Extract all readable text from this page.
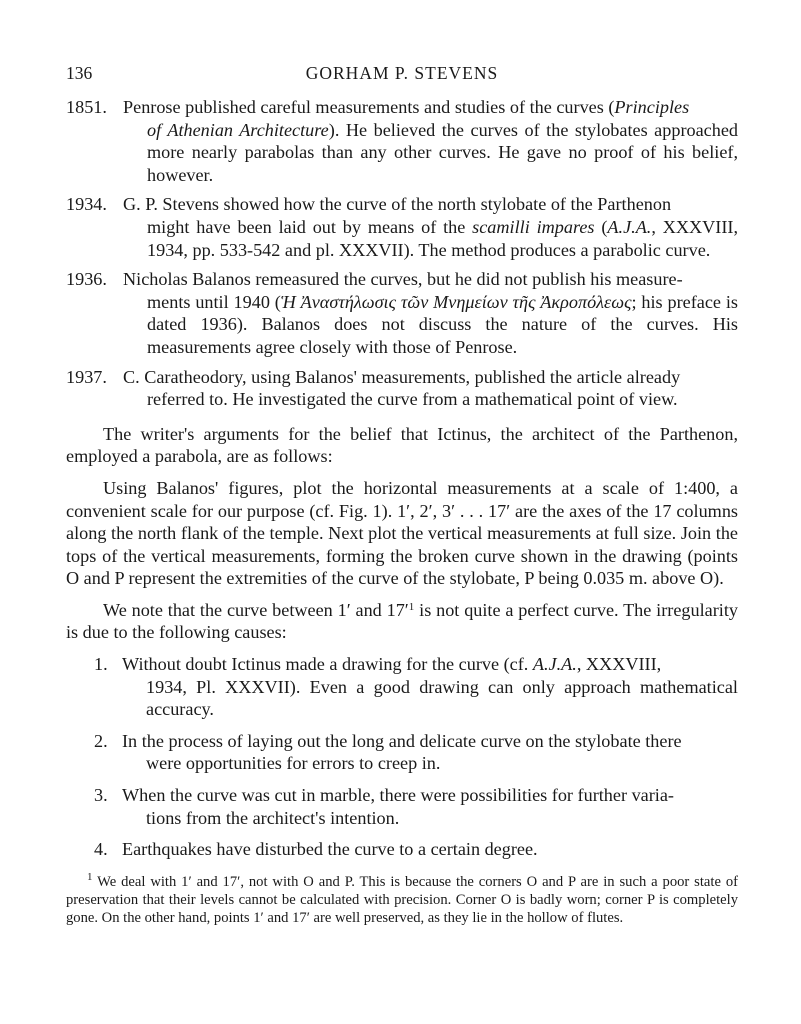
136	GORHAM P. STEVENS
1851. Penrose published careful measurements and studies of the curves (Principles
of Athenian Architecture). He believed the curves of the stylobates approached more nearly parabolas than any other curves. He gave no proof of his belief, however.
1934. G. P. Stevens showed how the curve of the north stylobate of the Parthenon
might have been laid out by means of the scamilli impares (A.J.A., XXXVIII, 1934, pp. 533-542 and pl. XXXVII). The method produces a parabolic curve.
1936. Nicholas Balanos remeasured the curves, but he did not publish his measure-
ments until 1940 (Ἡ Ἀναστήλωσις τῶν Μνημείων τῆς Ἀκροπόλεως; his preface is dated 1936). Balanos does not discuss the nature of the curves. His measurements agree closely with those of Penrose.
1937. C. Caratheodory, using Balanos' measurements, published the article already
referred to. He investigated the curve from a mathematical point of view.

The writer's arguments for the belief that Ictinus, the architect of the Parthenon, employed a parabola, are as follows:

Using Balanos' figures, plot the horizontal measurements at a scale of 1:400, a convenient scale for our purpose (cf. Fig. 1). 1′, 2′, 3′ . . . 17′ are the axes of the 17 columns along the north flank of the temple. Next plot the vertical measurements at full size. Join the tops of the vertical measurements, forming the broken curve shown in the drawing (points O and P represent the extremities of the curve of the stylobate, P being 0.035 m. above O).

We note that the curve between 1′ and $17'^1$ is not quite a perfect curve. The irregularity is due to the following causes:

1. Without doubt Ictinus made a drawing for the curve (cf. A.J.A., XXXVIII,
1934, Pl. XXXVII). Even a good drawing can only approach mathematical accuracy.
2. In the process of laying out the long and delicate curve on the stylobate there
were opportunities for errors to creep in.
3. When the curve was cut in marble, there were possibilities for further varia-
tions from the architect's intention.
4. Earthquakes have disturbed the curve to a certain degree.
$^1$ We deal with 1′ and 17′, not with O and P. This is because the corners O and P are in such a poor state of preservation that their levels cannot be calculated with precision. Corner O is badly worn; corner P is completely gone. On the other hand, points 1′ and 17′ are well preserved, as they lie in the hollow of flutes.
